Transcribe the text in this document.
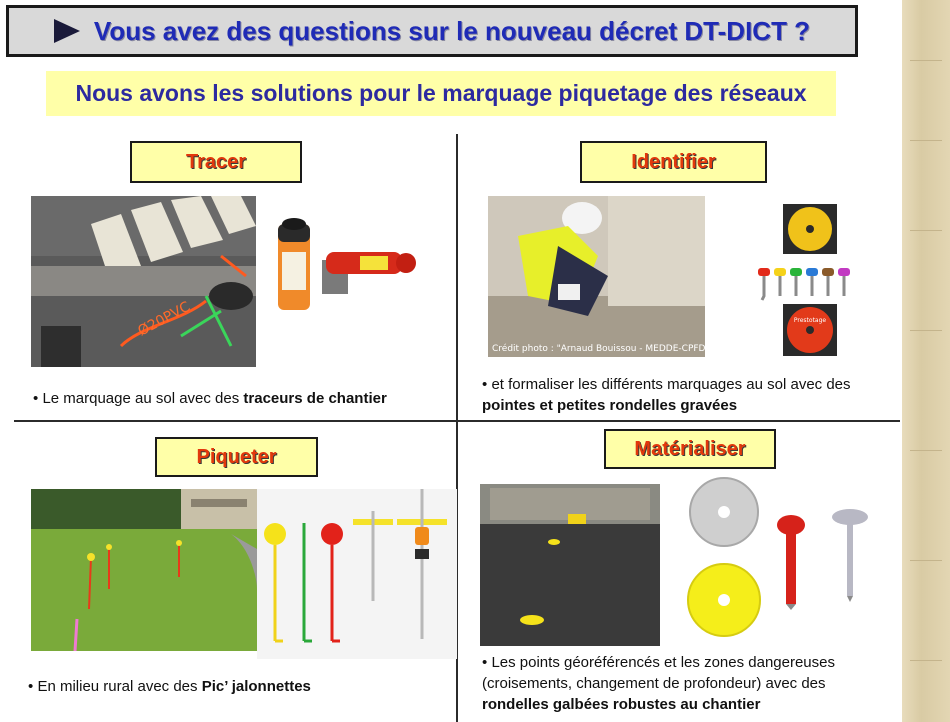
Vous avez des questions sur le nouveau décret DT-DICT ?
Nous avons les solutions pour le marquage piquetage des réseaux
Tracer
Ø20PVC
• Le marquage au sol avec des traceurs de chantier
Identifier
Crédit photo : "Arnaud Bouissou - MEDDE-CPFD
Prestotage
• et formaliser les différents marquages au sol avec des pointes et petites rondelles gravées
Piqueter
• En milieu rural avec des Pic’ jalonnettes
Matérialiser
• Les points géoréférencés et les zones dangereuses (croisements, changement de profondeur) avec des rondelles galbées robustes au chantier
